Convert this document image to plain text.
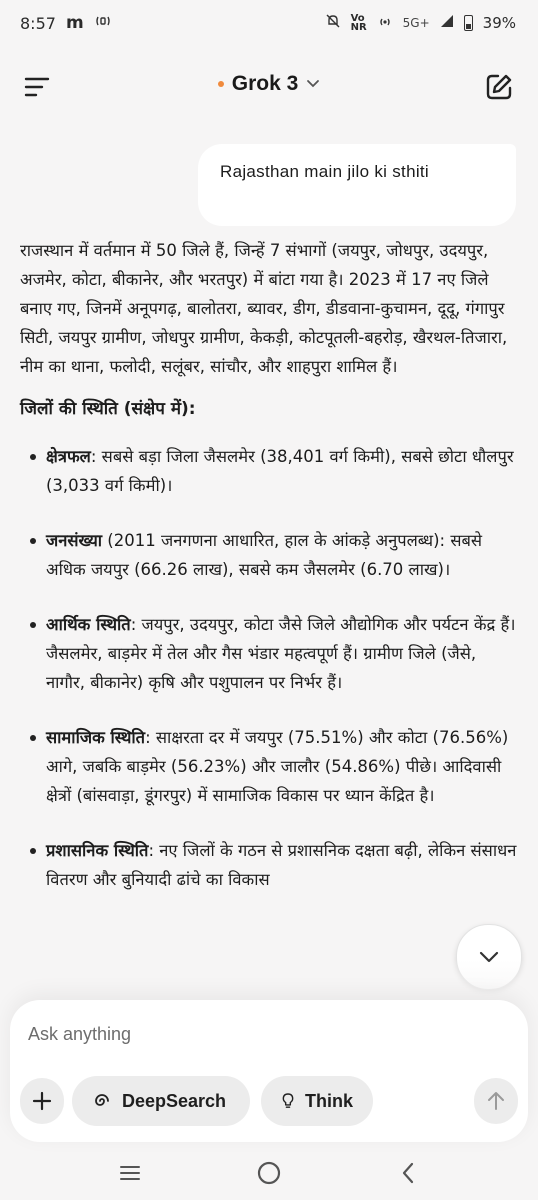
8:57 m	Vo
NR	5G+	39%
Grok 3
Rajasthan main jilo ki sthiti

राजस्थान में वर्तमान में 50 जिले हैं, जिन्हें 7 संभागों (जयपुर, जोधपुर, उदयपुर, अजमेर, कोटा, बीकानेर, और भरतपुर) में बांटा गया है। 2023 में 17 नए जिले बनाए गए, जिनमें अनूपगढ़, बालोतरा, ब्यावर, डीग, डीडवाना-कुचामन, दूदू, गंगापुर सिटी, जयपुर ग्रामीण, जोधपुर ग्रामीण, केकड़ी, कोटपूतली-बहरोड़, खैरथल-तिजारा, नीम का थाना, फलोदी, सलूंबर, सांचौर, और शाहपुरा शामिल हैं।

जिलों की स्थिति (संक्षेप में):
क्षेत्रफल: सबसे बड़ा जिला जैसलमेर (38,401 वर्ग किमी), सबसे छोटा धौलपुर (3,033 वर्ग किमी)।
जनसंख्या (2011 जनगणना आधारित, हाल के आंकड़े अनुपलब्ध): सबसे अधिक जयपुर (66.26 लाख), सबसे कम जैसलमेर (6.70 लाख)।
आर्थिक स्थिति: जयपुर, उदयपुर, कोटा जैसे जिले औद्योगिक और पर्यटन केंद्र हैं। जैसलमेर, बाड़मेर में तेल और गैस भंडार महत्वपूर्ण हैं। ग्रामीण जिले (जैसे, नागौर, बीकानेर) कृषि और पशुपालन पर निर्भर हैं।
सामाजिक स्थिति: साक्षरता दर में जयपुर (75.51%) और कोटा (76.56%) आगे, जबकि बाड़मेर (56.23%) और जालौर (54.86%) पीछे। आदिवासी क्षेत्रों (बांसवाड़ा, डूंगरपुर) में सामाजिक विकास पर ध्यान केंद्रित है।
प्रशासनिक स्थिति: नए जिलों के गठन से प्रशासनिक दक्षता बढ़ी, लेकिन संसाधन वितरण और बुनियादी ढांचे का विकास
Ask anything
DeepSearch	Think
